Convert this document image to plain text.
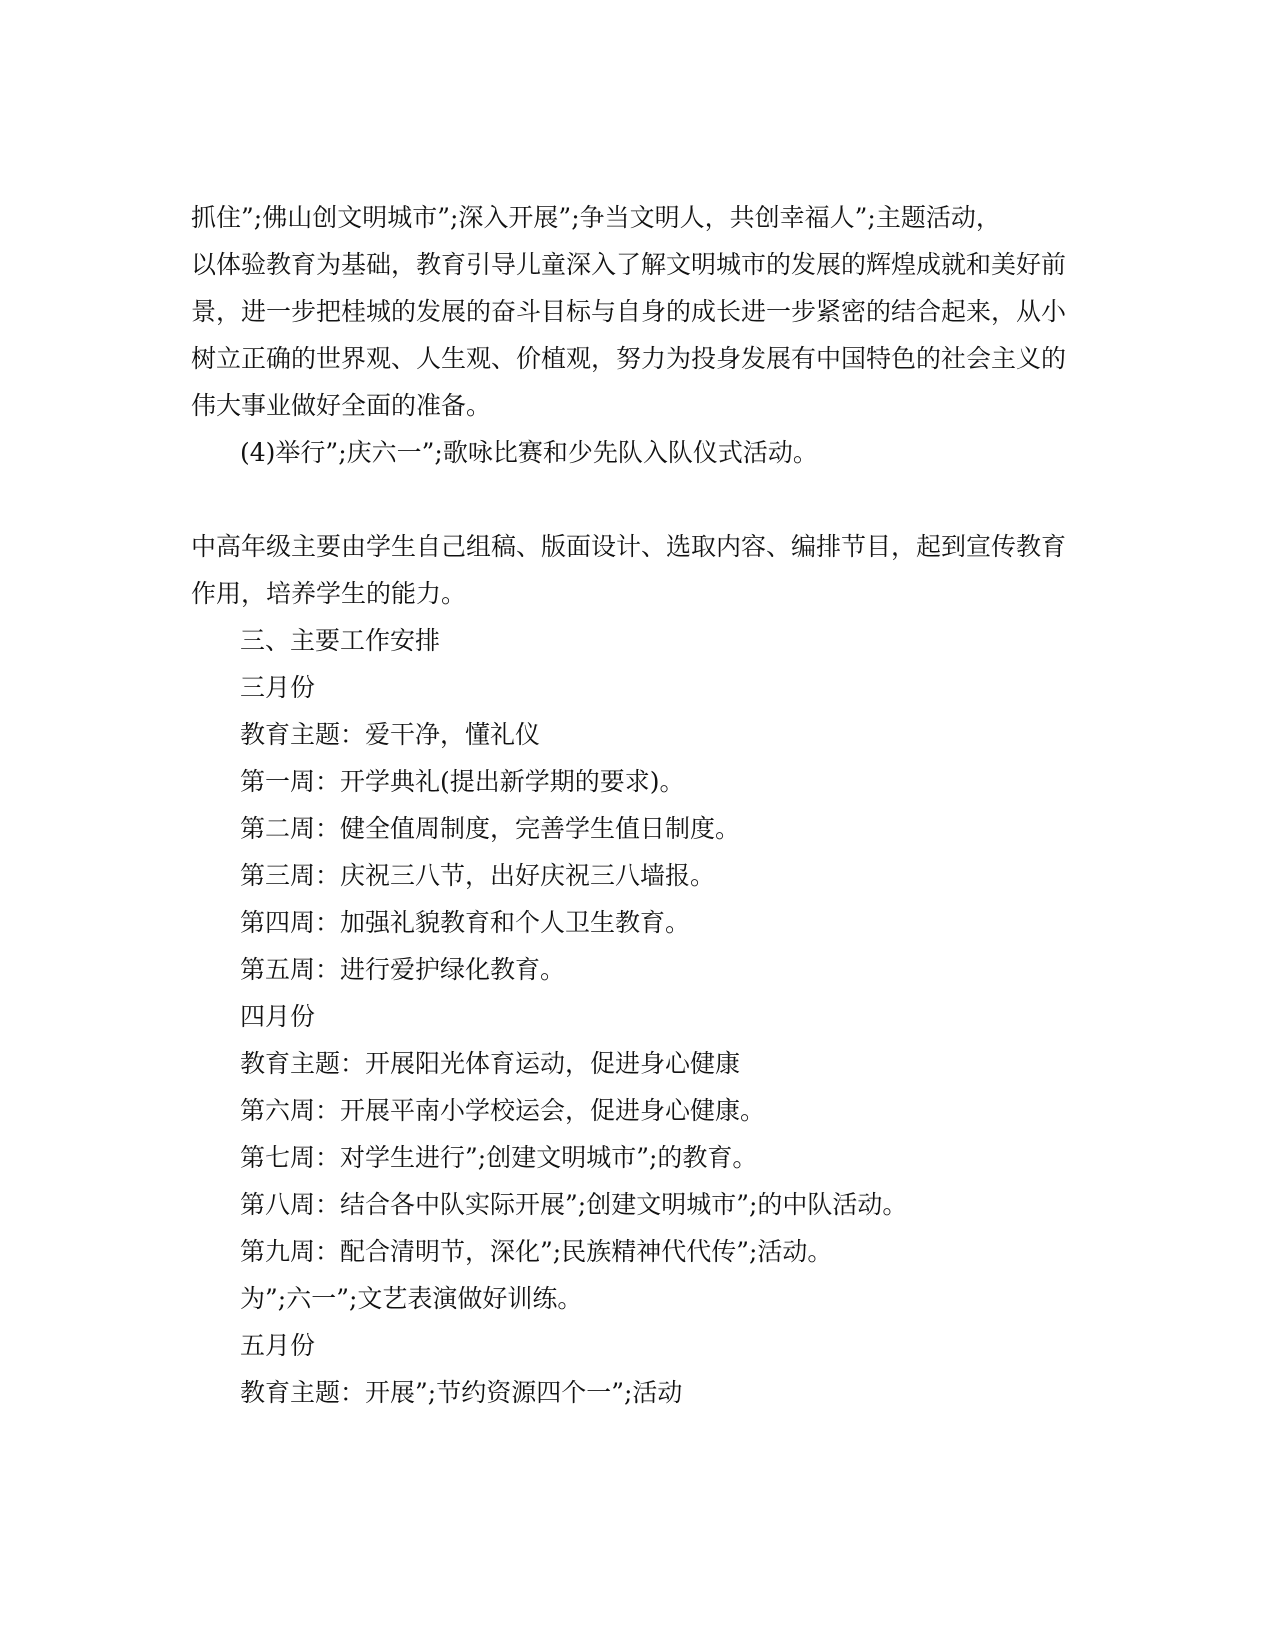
抓住”;佛山创文明城市”;深入开展”;争当文明人，共创幸福人”;主题活动，
以体验教育为基础，教育引导儿童深入了解文明城市的发展的辉煌成就和美好前
景，进一步把桂城的发展的奋斗目标与自身的成长进一步紧密的结合起来，从小
树立正确的世界观、人生观、价植观，努力为投身发展有中国特色的社会主义的
伟大事业做好全面的准备。
(4)举行”;庆六一”;歌咏比赛和少先队入队仪式活动。
中高年级主要由学生自己组稿、版面设计、选取内容、编排节目，起到宣传教育
作用，培养学生的能力。
三、主要工作安排
三月份
教育主题：爱干净，懂礼仪
第一周：开学典礼(提出新学期的要求)。
第二周：健全值周制度，完善学生值日制度。
第三周：庆祝三八节，出好庆祝三八墙报。
第四周：加强礼貌教育和个人卫生教育。
第五周：进行爱护绿化教育。
四月份
教育主题：开展阳光体育运动，促进身心健康
第六周：开展平南小学校运会，促进身心健康。
第七周：对学生进行”;创建文明城市”;的教育。
第八周：结合各中队实际开展”;创建文明城市”;的中队活动。
第九周：配合清明节，深化”;民族精神代代传”;活动。
为”;六一”;文艺表演做好训练。
五月份
教育主题：开展”;节约资源四个一”;活动
